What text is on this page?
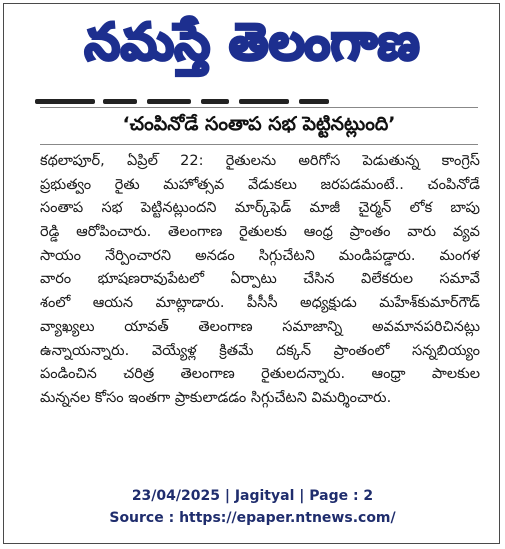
నమస్తే తెలంగాణ
‘చంపినోడే సంతాప సభ పెట్టినట్లుంది’
కథలాపూర్, ఏప్రిల్ 22: రైతులను అరిగోస పెడుతున్న కాంగ్రెస్
ప్రభుత్వం రైతు మహోత్సవ వేడుకలు జరపడమంటే.. చంపినోడే
సంతాప సభ పెట్టినట్లుందని మార్క్‌ఫెడ్ మాజీ చైర్మన్ లోక బాపు
రెడ్డి ఆరోపించారు. తెలంగాణ రైతులకు ఆంధ్ర ప్రాంతం వారు వ్యవ
సాయం నేర్పించారని అనడం సిగ్గుచేటని మండిపడ్డారు. మంగళ
వారం భూషణరావుపేటలో ఏర్పాటు చేసిన విలేకరుల సమావే
శంలో ఆయన మాట్లాడారు. పీసీసీ అధ్యక్షుడు మహేశ్‌కుమార్‌గౌడ్
వ్యాఖ్యలు యావత్ తెలంగాణ సమాజాన్ని అవమానపరిచినట్లు
ఉన్నాయన్నారు. వెయ్యేళ్ల క్రితమే దక్కన్ ప్రాంతంలో సన్నబియ్యం
పండించిన చరిత్ర తెలంగాణ రైతులదన్నారు. ఆంధ్రా పాలకుల
మన్ననల కోసం ఇంతగా ప్రాకులాడడం సిగ్గుచేటని విమర్శించారు.
23/04/2025 | Jagityal | Page : 2
Source : https://epaper.ntnews.com/
